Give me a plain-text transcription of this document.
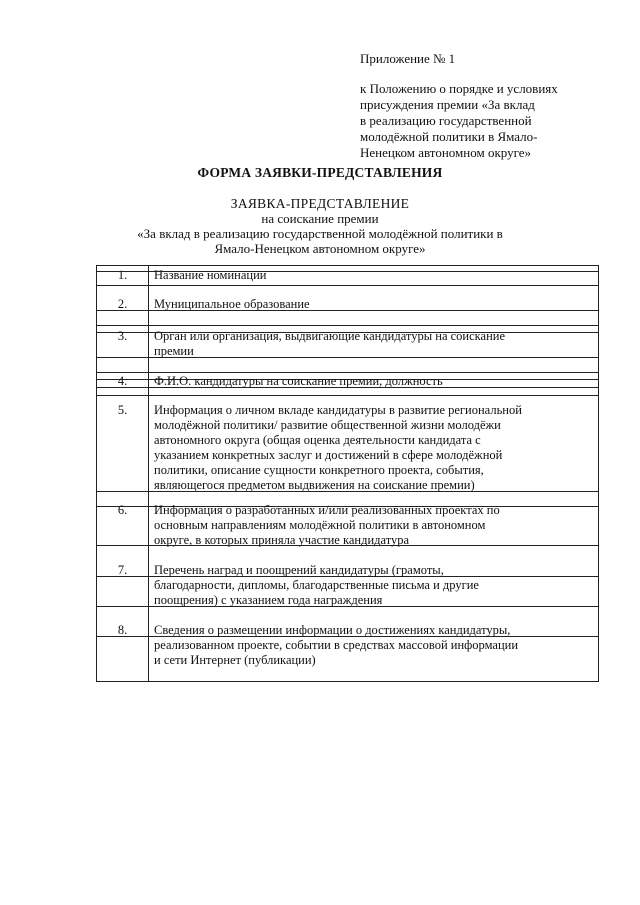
Приложение № 1
к Положению о порядке и условиях
присуждения премии «За вклад
в реализацию государственной
молодёжной политики в Ямало-
Ненецком автономном округе»
ФОРМА ЗАЯВКИ-ПРЕДСТАВЛЕНИЯ
ЗАЯВКА-ПРЕДСТАВЛЕНИЕ
на соискание премии
«За вклад в реализацию государственной молодёжной политики в
Ямало-Ненецком автономном округе»
1.	Название номинации
2.	Муниципальное образование
3.	Орган или организация, выдвигающие кандидатуры на соискание
премии
4.	Ф.И.О. кандидатуры на соискание премии, должность
5.	Информация о личном вкладе кандидатуры в развитие региональной
молодёжной политики/ развитие общественной жизни молодёжи
автономного округа (общая оценка деятельности кандидата с
указанием конкретных заслуг и достижений в сфере молодёжной
политики, описание сущности конкретного проекта, события,
являющегося предметом выдвижения на соискание премии)
6.	Информация о разработанных и/или реализованных проектах по
основным направлениям молодёжной политики в автономном
округе, в которых приняла участие кандидатура
7.	Перечень наград и поощрений кандидатуры (грамоты,
благодарности, дипломы, благодарственные письма и другие
поощрения) с указанием года награждения
8.	Сведения о размещении информации о достижениях кандидатуры,
реализованном проекте, событии в средствах массовой информации
и сети Интернет (публикации)
